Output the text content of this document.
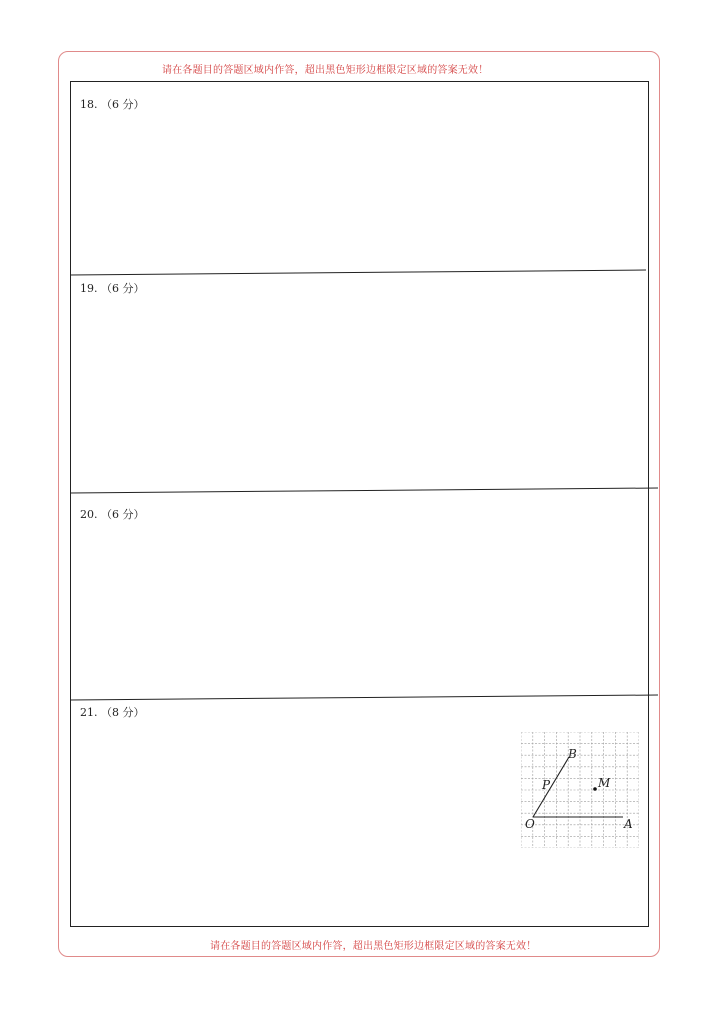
请在各题目的答题区域内作答，超出黑色矩形边框限定区域的答案无效！
18. （6 分）
19. （6 分）
20. （6 分）
21. （8 分）
B
P	M
O	A
请在各题目的答题区域内作答，超出黑色矩形边框限定区域的答案无效！
